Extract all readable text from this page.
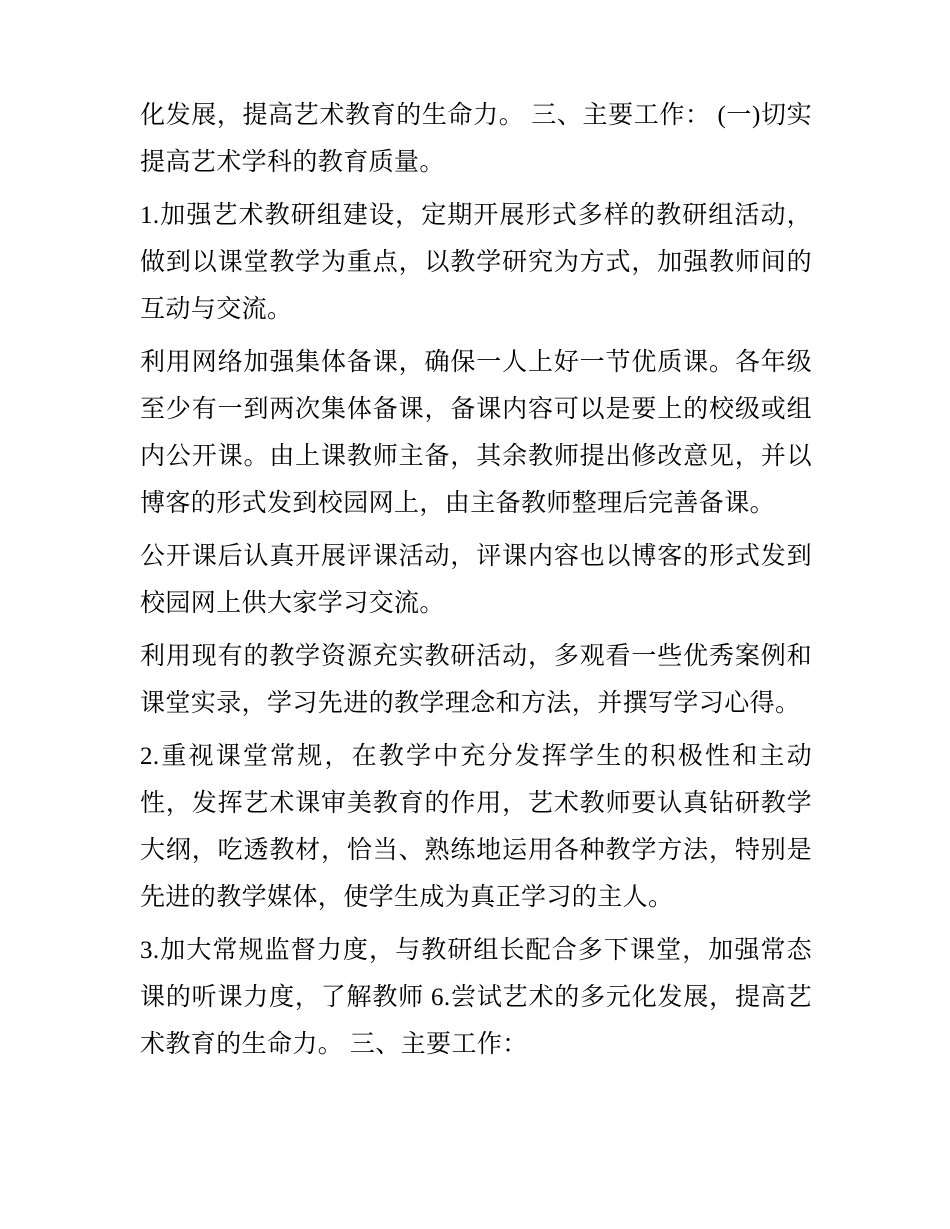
化发展，提高艺术教育的生命力。 三、主要工作： (一)切实提高艺术学科的教育质量。

1.加强艺术教研组建设，定期开展形式多样的教研组活动，做到以课堂教学为重点，以教学研究为方式，加强教师间的互动与交流。

利用网络加强集体备课，确保一人上好一节优质课。各年级至少有一到两次集体备课，备课内容可以是要上的校级或组内公开课。由上课教师主备，其余教师提出修改意见，并以博客的形式发到校园网上，由主备教师整理后完善备课。

公开课后认真开展评课活动，评课内容也以博客的形式发到校园网上供大家学习交流。

利用现有的教学资源充实教研活动，多观看一些优秀案例和课堂实录，学习先进的教学理念和方法，并撰写学习心得。

2.重视课堂常规，在教学中充分发挥学生的积极性和主动性，发挥艺术课审美教育的作用，艺术教师要认真钻研教学大纲，吃透教材，恰当、熟练地运用各种教学方法，特别是先进的教学媒体，使学生成为真正学习的主人。

3.加大常规监督力度，与教研组长配合多下课堂，加强常态课的听课力度，了解教师 6.尝试艺术的多元化发展，提高艺术教育的生命力。 三、主要工作：
